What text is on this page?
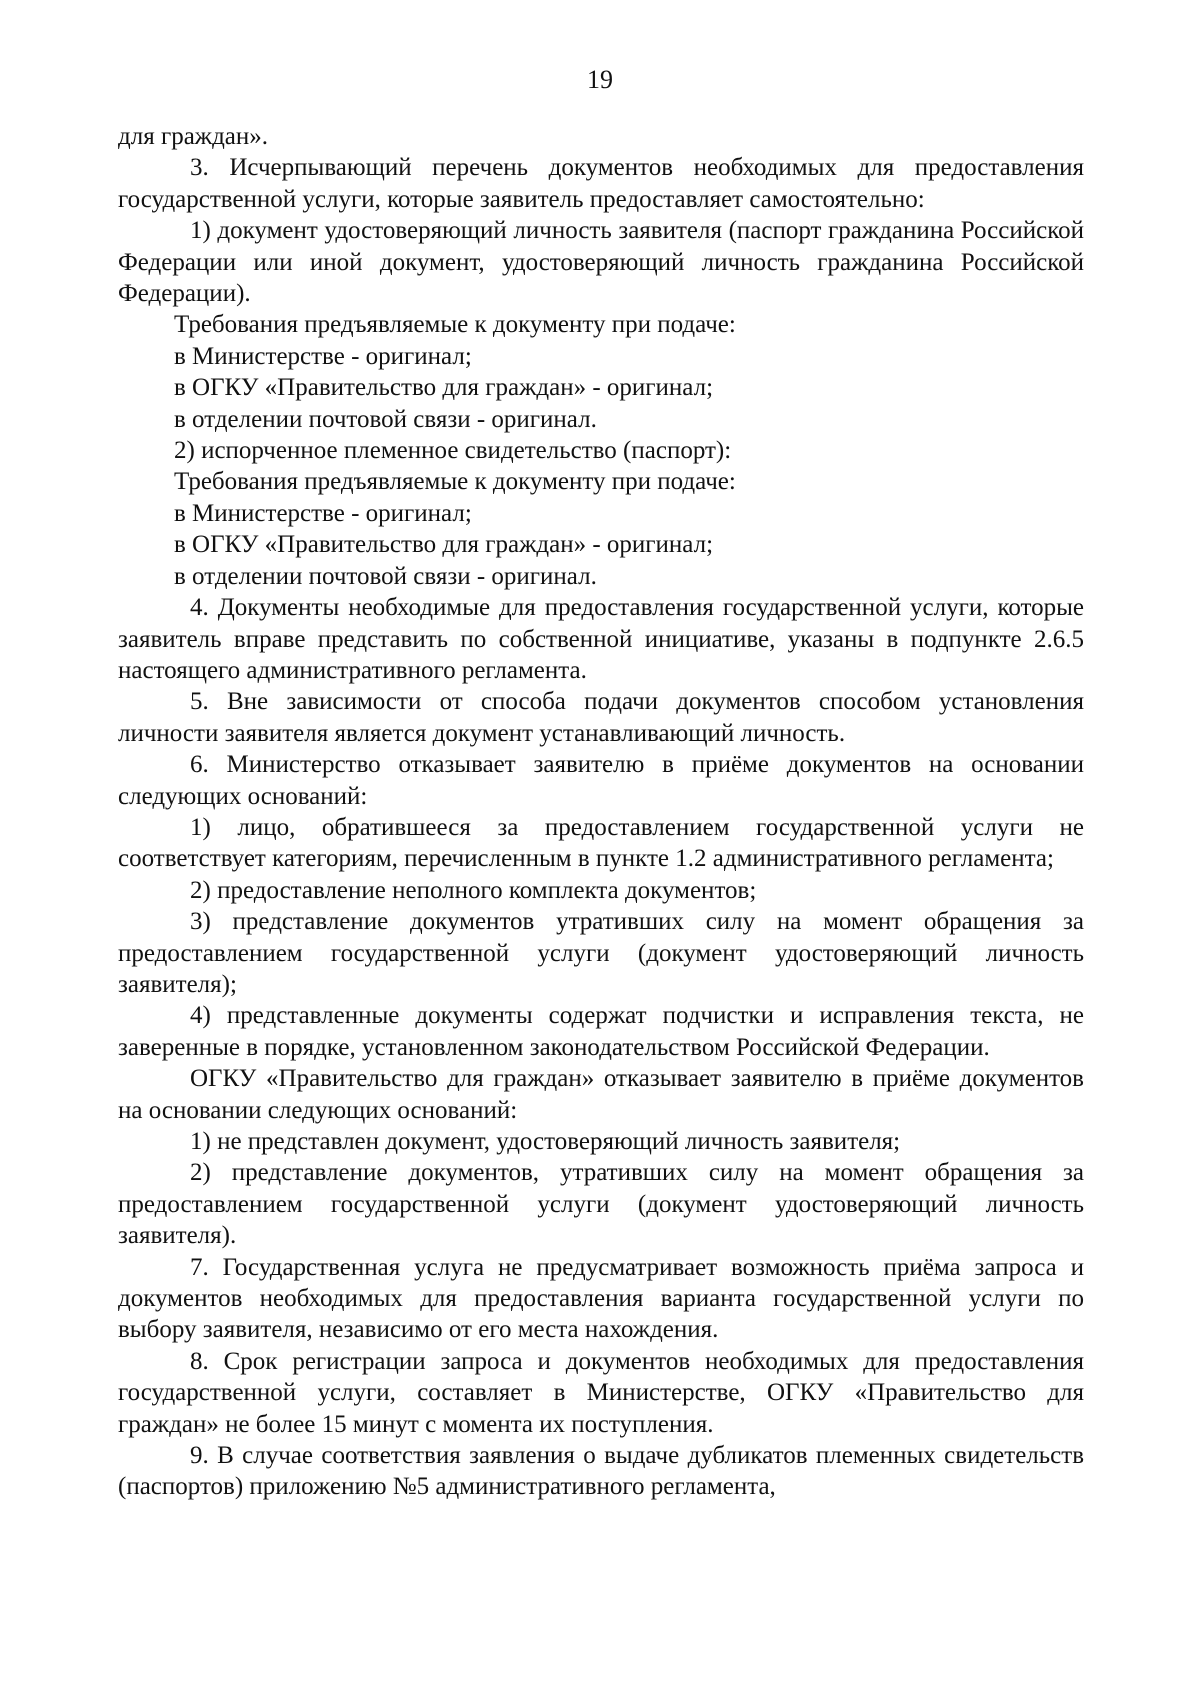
19

для граждан».

3. Исчерпывающий перечень документов необходимых для предоставления государственной услуги, которые заявитель предоставляет самостоятельно:

1) документ удостоверяющий личность заявителя (паспорт гражданина Российской Федерации или иной документ, удостоверяющий личность гражданина Российской Федерации).

Требования предъявляемые к документу при подаче:

в Министерстве - оригинал;

в ОГКУ «Правительство для граждан» - оригинал;

в отделении почтовой связи - оригинал.

2) испорченное племенное свидетельство (паспорт):

Требования предъявляемые к документу при подаче:

в Министерстве - оригинал;

в ОГКУ «Правительство для граждан» - оригинал;

в отделении почтовой связи - оригинал.

4. Документы необходимые для предоставления государственной услуги, которые заявитель вправе представить по собственной инициативе, указаны в подпункте 2.6.5 настоящего административного регламента.

5. Вне зависимости от способа подачи документов способом установления личности заявителя является документ устанавливающий личность.

6. Министерство отказывает заявителю в приёме документов на основании следующих оснований:

1) лицо, обратившееся за предоставлением государственной услуги не соответствует категориям, перечисленным в пункте 1.2 административного регламента;

2) предоставление неполного комплекта документов;

3) представление документов утративших силу на момент обращения за предоставлением государственной услуги (документ удостоверяющий личность заявителя);

4) представленные документы содержат подчистки и исправления текста, не заверенные в порядке, установленном законодательством Российской Федерации.

ОГКУ «Правительство для граждан» отказывает заявителю в приёме документов на основании следующих оснований:

1) не представлен документ, удостоверяющий личность заявителя;

2) представление документов, утративших силу на момент обращения за предоставлением государственной услуги (документ удостоверяющий личность заявителя).

7. Государственная услуга не предусматривает возможность приёма запроса и документов необходимых для предоставления варианта государственной услуги по выбору заявителя, независимо от его места нахождения.

8. Срок регистрации запроса и документов необходимых для предоставления государственной услуги, составляет в Министерстве, ОГКУ «Правительство для граждан» не более 15 минут с момента их поступления.

9. В случае соответствия заявления о выдаче дубликатов племенных свидетельств (паспортов) приложению №5 административного регламента,
